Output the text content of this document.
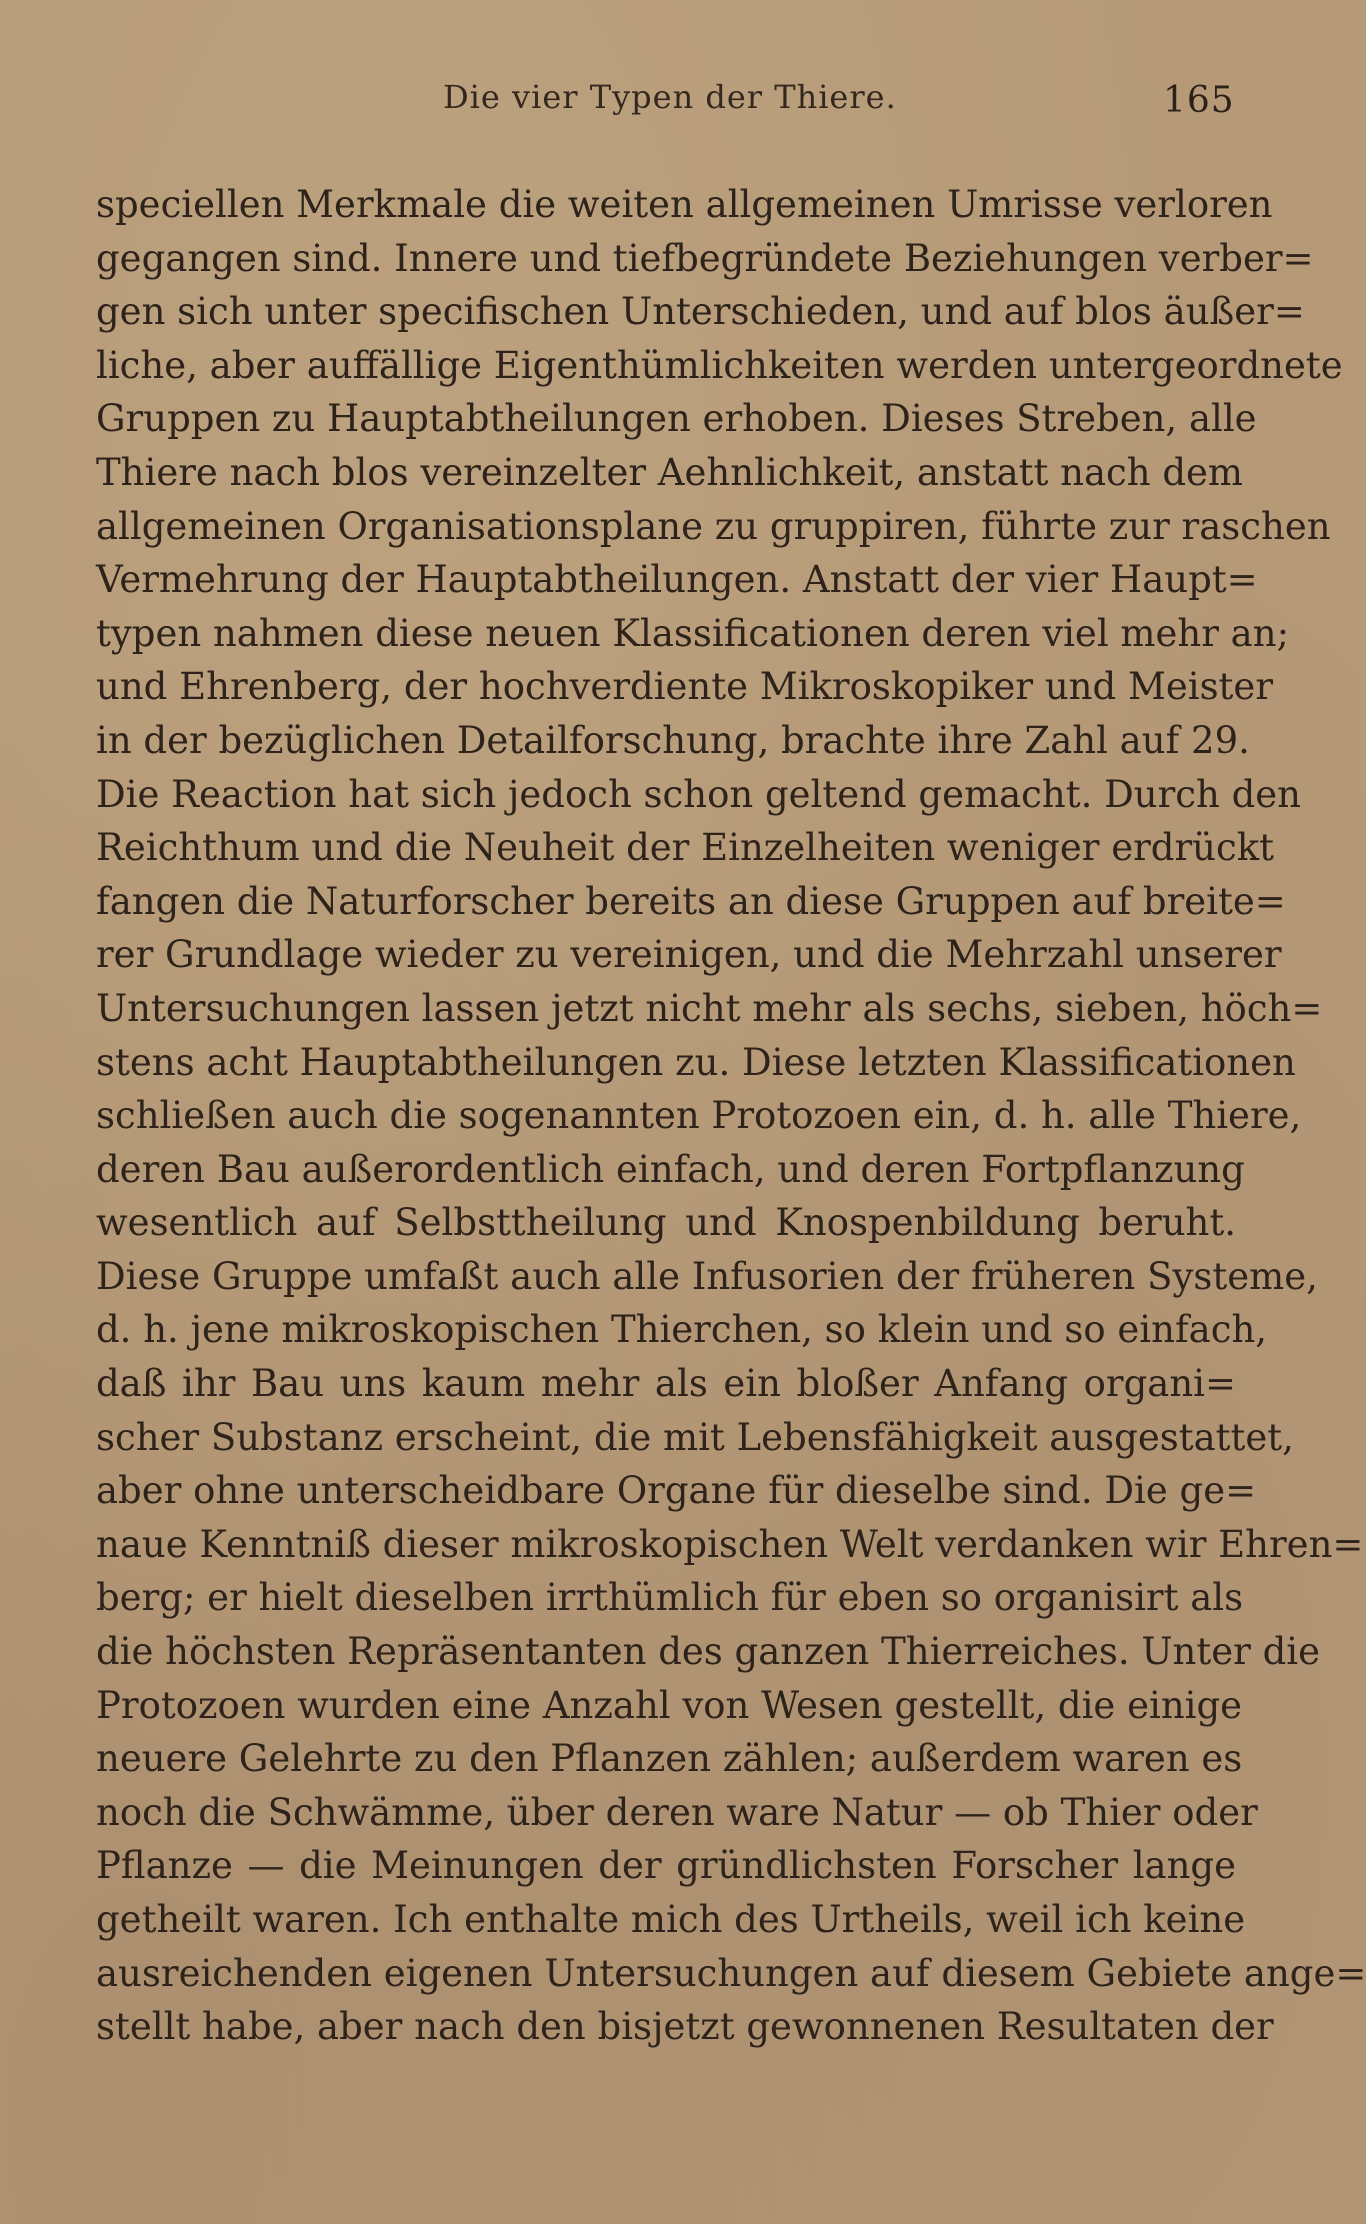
Die vier Typen der Thiere.	165
speciellen Merkmale die weiten allgemeinen Umrisse verloren
gegangen sind. Innere und tiefbegründete Beziehungen verber=
gen sich unter specifischen Unterschieden, und auf blos äußer=
liche, aber auffällige Eigenthümlichkeiten werden untergeordnete
Gruppen zu Hauptabtheilungen erhoben. Dieses Streben, alle
Thiere nach blos vereinzelter Aehnlichkeit, anstatt nach dem
allgemeinen Organisationsplane zu gruppiren, führte zur raschen
Vermehrung der Hauptabtheilungen. Anstatt der vier Haupt=
typen nahmen diese neuen Klassificationen deren viel mehr an;
und Ehrenberg, der hochverdiente Mikroskopiker und Meister
in der bezüglichen Detailforschung, brachte ihre Zahl auf 29.
Die Reaction hat sich jedoch schon geltend gemacht. Durch den
Reichthum und die Neuheit der Einzelheiten weniger erdrückt
fangen die Naturforscher bereits an diese Gruppen auf breite=
rer Grundlage wieder zu vereinigen, und die Mehrzahl unserer
Untersuchungen lassen jetzt nicht mehr als sechs, sieben, höch=
stens acht Hauptabtheilungen zu. Diese letzten Klassificationen
schließen auch die sogenannten Protozoen ein, d. h. alle Thiere,
deren Bau außerordentlich einfach, und deren Fortpflanzung
wesentlich auf Selbsttheilung und Knospenbildung beruht.
Diese Gruppe umfaßt auch alle Infusorien der früheren Systeme,
d. h. jene mikroskopischen Thierchen, so klein und so einfach,
daß ihr Bau uns kaum mehr als ein bloßer Anfang organi=
scher Substanz erscheint, die mit Lebensfähigkeit ausgestattet,
aber ohne unterscheidbare Organe für dieselbe sind. Die ge=
naue Kenntniß dieser mikroskopischen Welt verdanken wir Ehren=
berg; er hielt dieselben irrthümlich für eben so organisirt als
die höchsten Repräsentanten des ganzen Thierreiches. Unter die
Protozoen wurden eine Anzahl von Wesen gestellt, die einige
neuere Gelehrte zu den Pflanzen zählen; außerdem waren es
noch die Schwämme, über deren ware Natur — ob Thier oder
Pflanze — die Meinungen der gründlichsten Forscher lange
getheilt waren. Ich enthalte mich des Urtheils, weil ich keine
ausreichenden eigenen Untersuchungen auf diesem Gebiete ange=
stellt habe, aber nach den bisjetzt gewonnenen Resultaten der
